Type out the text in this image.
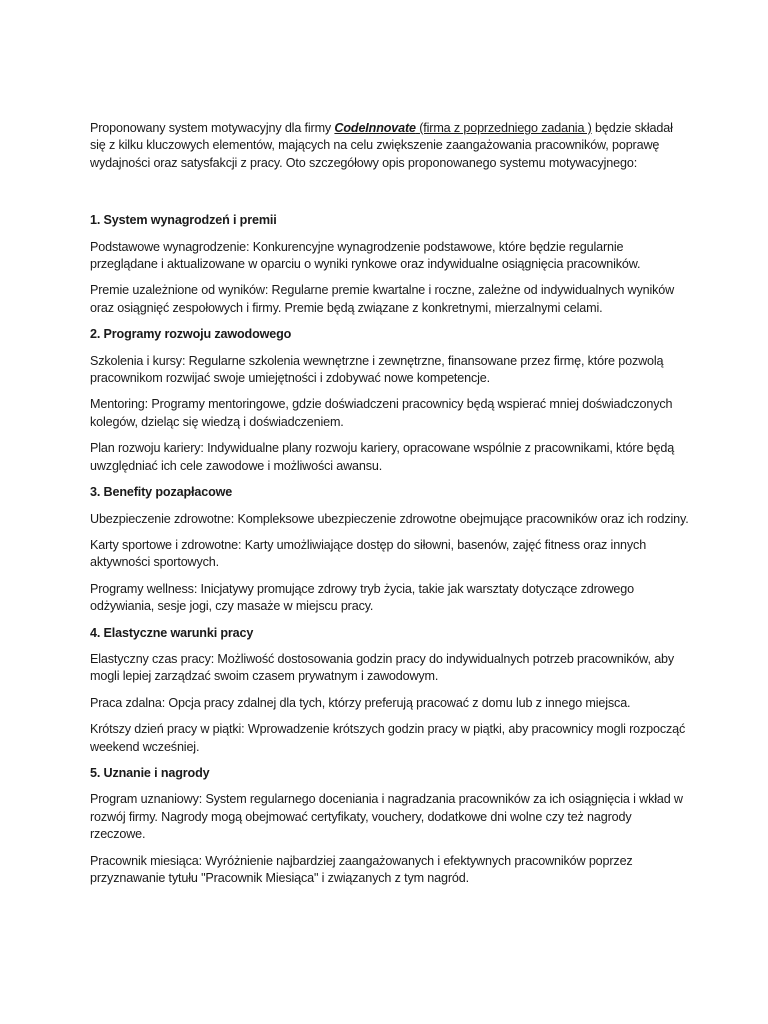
Proponowany system motywacyjny dla firmy CodeInnovate (firma z poprzedniego zadania ) będzie składał się z kilku kluczowych elementów, mających na celu zwiększenie zaangażowania pracowników, poprawę wydajności oraz satysfakcji z pracy. Oto szczegółowy opis proponowanego systemu motywacyjnego:

1. System wynagrodzeń i premii

Podstawowe wynagrodzenie: Konkurencyjne wynagrodzenie podstawowe, które będzie regularnie przeglądane i aktualizowane w oparciu o wyniki rynkowe oraz indywidualne osiągnięcia pracowników.

Premie uzależnione od wyników: Regularne premie kwartalne i roczne, zależne od indywidualnych wyników oraz osiągnięć zespołowych i firmy. Premie będą związane z konkretnymi, mierzalnymi celami.

2. Programy rozwoju zawodowego

Szkolenia i kursy: Regularne szkolenia wewnętrzne i zewnętrzne, finansowane przez firmę, które pozwolą pracownikom rozwijać swoje umiejętności i zdobywać nowe kompetencje.

Mentoring: Programy mentoringowe, gdzie doświadczeni pracownicy będą wspierać mniej doświadczonych kolegów, dzieląc się wiedzą i doświadczeniem.

Plan rozwoju kariery: Indywidualne plany rozwoju kariery, opracowane wspólnie z pracownikami, które będą uwzględniać ich cele zawodowe i możliwości awansu.

3. Benefity pozapłacowe

Ubezpieczenie zdrowotne: Kompleksowe ubezpieczenie zdrowotne obejmujące pracowników oraz ich rodziny.

Karty sportowe i zdrowotne: Karty umożliwiające dostęp do siłowni, basenów, zajęć fitness oraz innych aktywności sportowych.

Programy wellness: Inicjatywy promujące zdrowy tryb życia, takie jak warsztaty dotyczące zdrowego odżywiania, sesje jogi, czy masaże w miejscu pracy.

4. Elastyczne warunki pracy

Elastyczny czas pracy: Możliwość dostosowania godzin pracy do indywidualnych potrzeb pracowników, aby mogli lepiej zarządzać swoim czasem prywatnym i zawodowym.

Praca zdalna: Opcja pracy zdalnej dla tych, którzy preferują pracować z domu lub z innego miejsca.

Krótszy dzień pracy w piątki: Wprowadzenie krótszych godzin pracy w piątki, aby pracownicy mogli rozpocząć weekend wcześniej.

5. Uznanie i nagrody

Program uznaniowy: System regularnego doceniania i nagradzania pracowników za ich osiągnięcia i wkład w rozwój firmy. Nagrody mogą obejmować certyfikaty, vouchery, dodatkowe dni wolne czy też nagrody rzeczowe.

Pracownik miesiąca: Wyróżnienie najbardziej zaangażowanych i efektywnych pracowników poprzez przyznawanie tytułu "Pracownik Miesiąca" i związanych z tym nagród.
